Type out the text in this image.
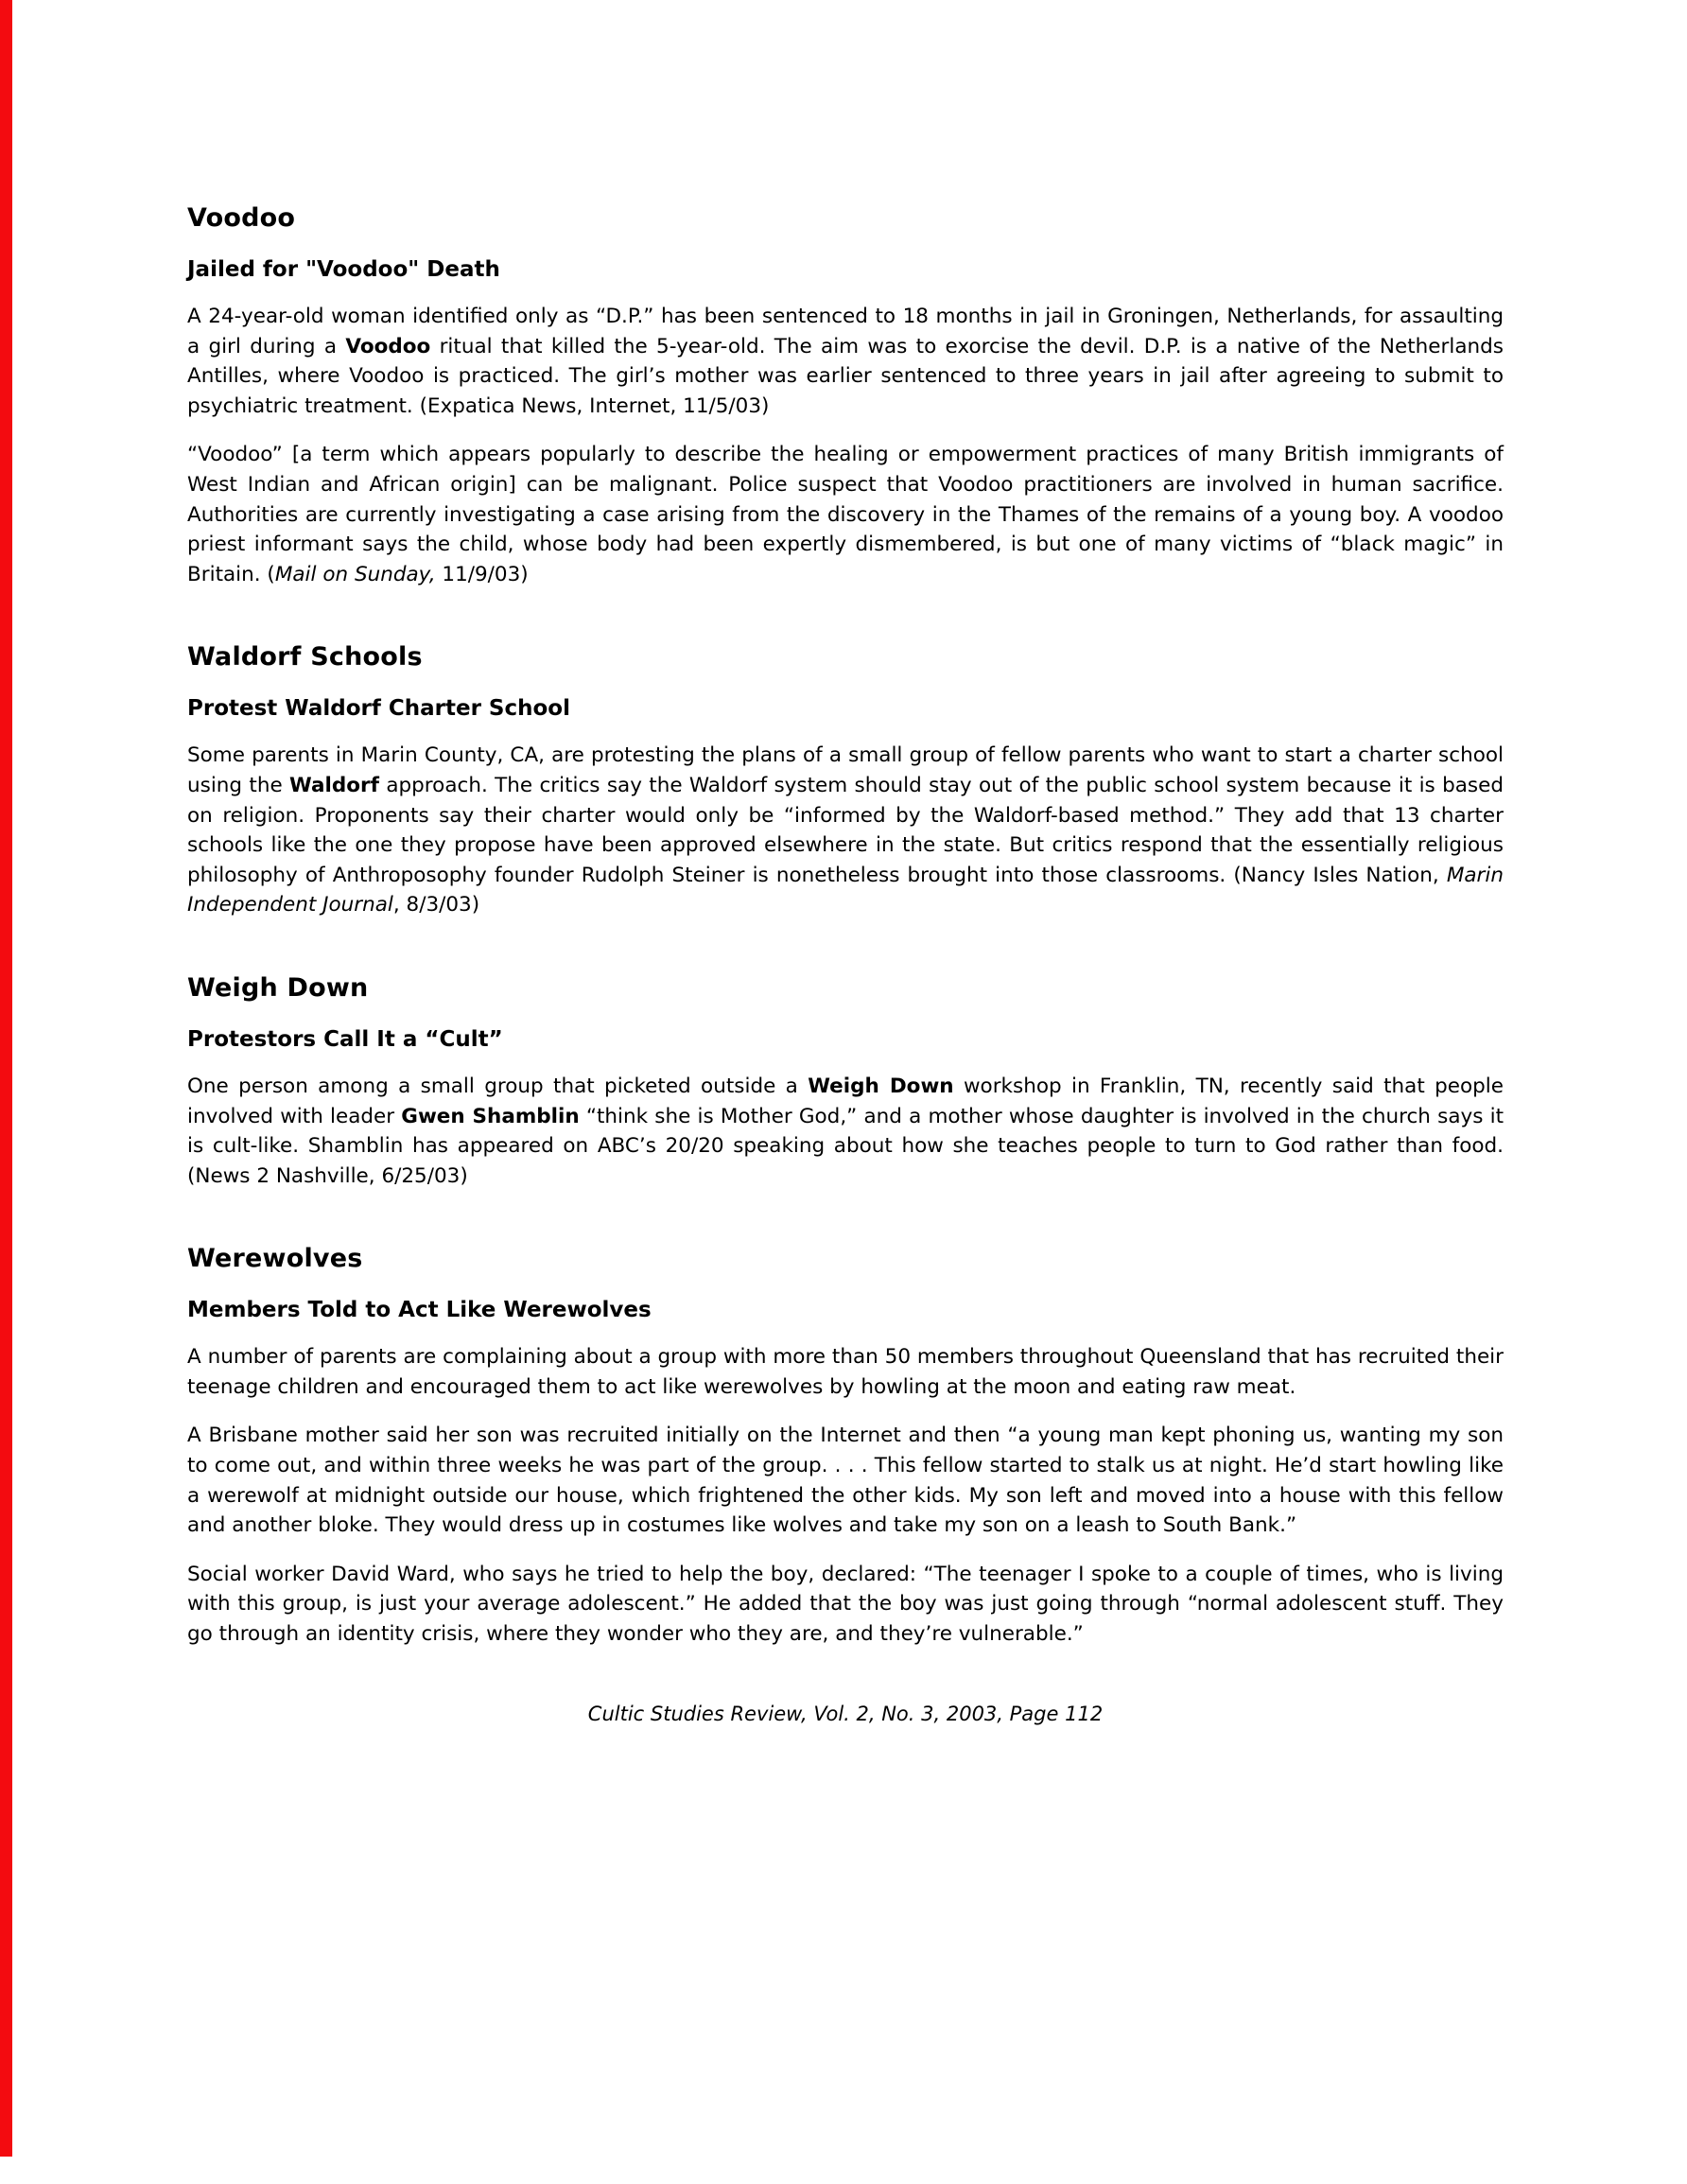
Voodoo
Jailed for "Voodoo" Death

A 24-year-old woman identified only as “D.P.” has been sentenced to 18 months in jail in Groningen, Netherlands, for assaulting a girl during a Voodoo ritual that killed the 5-year-old. The aim was to exorcise the devil. D.P. is a native of the Netherlands Antilles, where Voodoo is practiced. The girl’s mother was earlier sentenced to three years in jail after agreeing to submit to psychiatric treatment. (Expatica News, Internet, 11/5/03)

“Voodoo” [a term which appears popularly to describe the healing or empowerment practices of many British immigrants of West Indian and African origin] can be malignant. Police suspect that Voodoo practitioners are involved in human sacrifice. Authorities are currently investigating a case arising from the discovery in the Thames of the remains of a young boy. A voodoo priest informant says the child, whose body had been expertly dismembered, is but one of many victims of “black magic” in Britain. (Mail on Sunday, 11/9/03)

Waldorf Schools
Protest Waldorf Charter School

Some parents in Marin County, CA, are protesting the plans of a small group of fellow parents who want to start a charter school using the Waldorf approach. The critics say the Waldorf system should stay out of the public school system because it is based on religion. Proponents say their charter would only be “informed by the Waldorf-based method.” They add that 13 charter schools like the one they propose have been approved elsewhere in the state. But critics respond that the essentially religious philosophy of Anthroposophy founder Rudolph Steiner is nonetheless brought into those classrooms. (Nancy Isles Nation, Marin Independent Journal, 8/3/03)

Weigh Down
Protestors Call It a “Cult”

One person among a small group that picketed outside a Weigh Down workshop in Franklin, TN, recently said that people involved with leader Gwen Shamblin “think she is Mother God,” and a mother whose daughter is involved in the church says it is cult-like. Shamblin has appeared on ABC’s 20/20 speaking about how she teaches people to turn to God rather than food. (News 2 Nashville, 6/25/03)

Werewolves
Members Told to Act Like Werewolves

A number of parents are complaining about a group with more than 50 members throughout Queensland that has recruited their teenage children and encouraged them to act like werewolves by howling at the moon and eating raw meat.

A Brisbane mother said her son was recruited initially on the Internet and then “a young man kept phoning us, wanting my son to come out, and within three weeks he was part of the group. . . . This fellow started to stalk us at night. He’d start howling like a werewolf at midnight outside our house, which frightened the other kids. My son left and moved into a house with this fellow and another bloke. They would dress up in costumes like wolves and take my son on a leash to South Bank.”

Social worker David Ward, who says he tried to help the boy, declared: “The teenager I spoke to a couple of times, who is living with this group, is just your average adolescent.” He added that the boy was just going through “normal adolescent stuff. They go through an identity crisis, where they wonder who they are, and they’re vulnerable.”

Cultic Studies Review, Vol. 2, No. 3, 2003, Page 112
